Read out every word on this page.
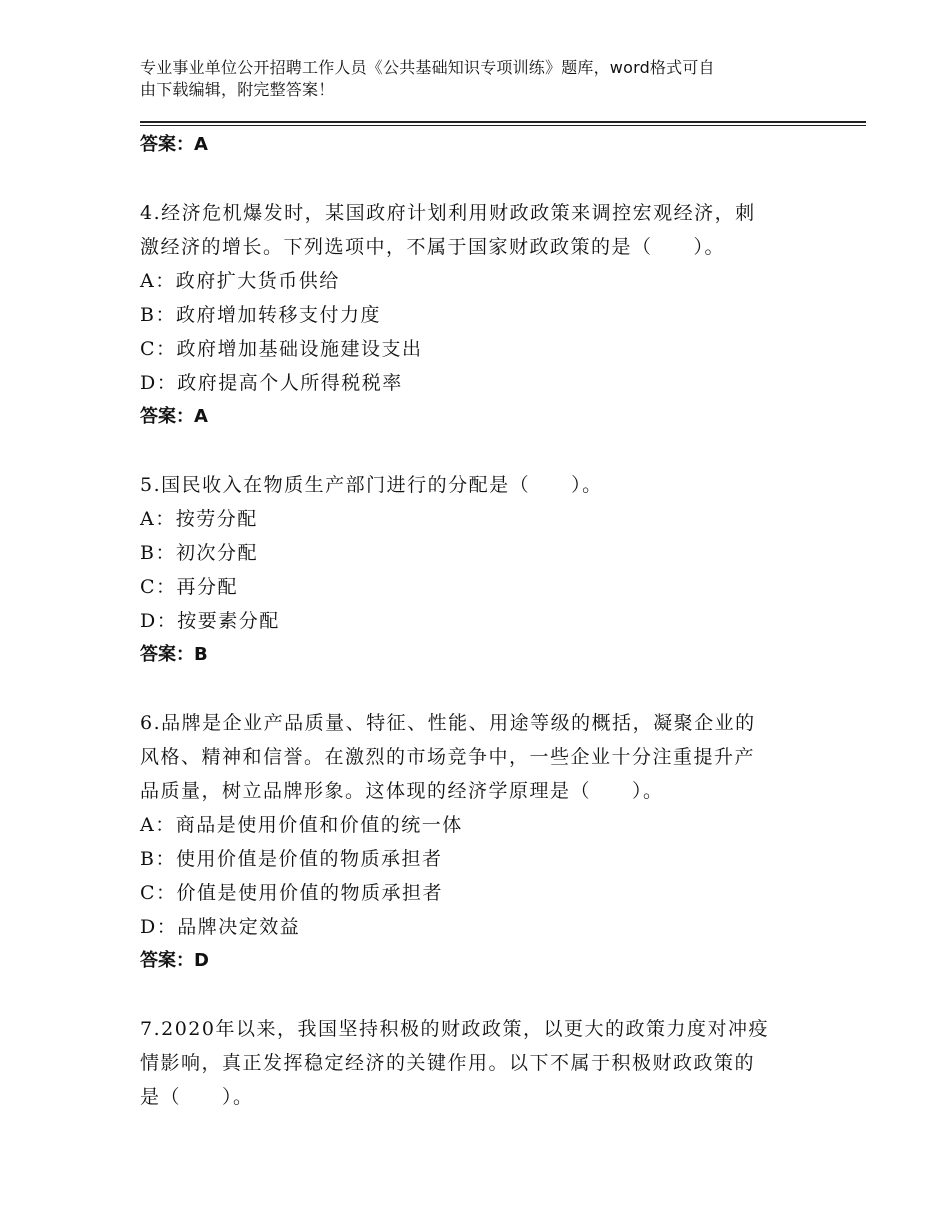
专业事业单位公开招聘工作人员《公共基础知识专项训练》题库，word格式可自
由下载编辑，附完整答案！
答案：A
4.经济危机爆发时，某国政府计划利用财政政策来调控宏观经济，刺
激经济的增长。下列选项中，不属于国家财政政策的是（　　）。
A：政府扩大货币供给
B：政府增加转移支付力度
C：政府增加基础设施建设支出
D：政府提高个人所得税税率
答案：A
5.国民收入在物质生产部门进行的分配是（　　）。
A：按劳分配
B：初次分配
C：再分配
D：按要素分配
答案：B
6.品牌是企业产品质量、特征、性能、用途等级的概括，凝聚企业的
风格、精神和信誉。在激烈的市场竞争中，一些企业十分注重提升产
品质量，树立品牌形象。这体现的经济学原理是（　　）。
A：商品是使用价值和价值的统一体
B：使用价值是价值的物质承担者
C：价值是使用价值的物质承担者
D：品牌决定效益
答案：D
7.2020年以来，我国坚持积极的财政政策，以更大的政策力度对冲疫
情影响，真正发挥稳定经济的关键作用。以下不属于积极财政政策的
是（　　）。
